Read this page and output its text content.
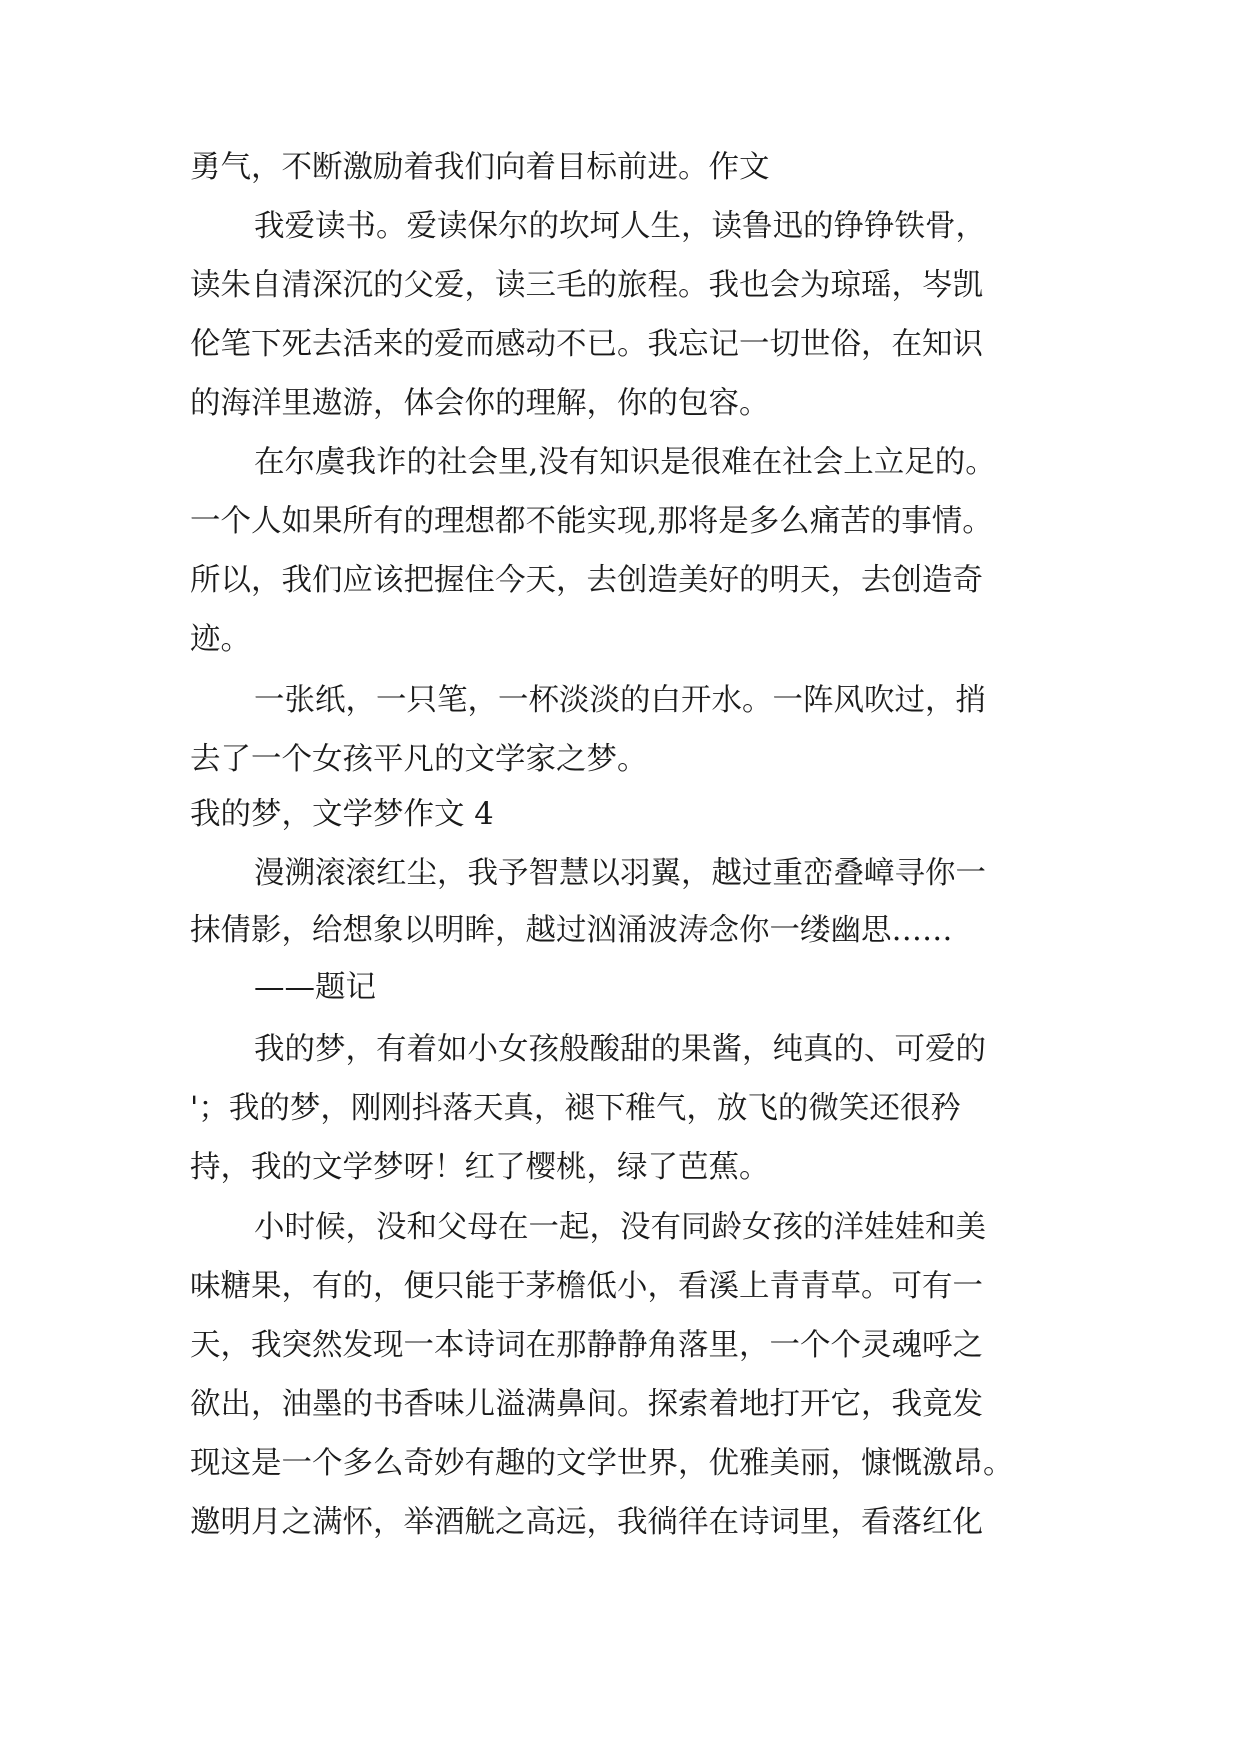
勇气，不断激励着我们向着目标前进。作文

我爱读书。爱读保尔的坎坷人生，读鲁迅的铮铮铁骨，

读朱自清深沉的父爱，读三毛的旅程。我也会为琼瑶，岑凯

伦笔下死去活来的爱而感动不已。我忘记一切世俗，在知识

的海洋里遨游，体会你的理解，你的包容。

在尔虞我诈的社会里,没有知识是很难在社会上立足的。

一个人如果所有的理想都不能实现,那将是多么痛苦的事情。

所以，我们应该把握住今天，去创造美好的明天，去创造奇

迹。

一张纸，一只笔，一杯淡淡的白开水。一阵风吹过，捎

去了一个女孩平凡的文学家之梦。

我的梦，文学梦作文 4

漫溯滚滚红尘，我予智慧以羽翼，越过重峦叠嶂寻你一

抹倩影，给想象以明眸，越过汹涌波涛念你一缕幽思……

——题记

我的梦，有着如小女孩般酸甜的果酱，纯真的、可爱的

'；我的梦，刚刚抖落天真，褪下稚气，放飞的微笑还很矜

持，我的文学梦呀！红了樱桃，绿了芭蕉。

小时候，没和父母在一起，没有同龄女孩的洋娃娃和美

味糖果，有的，便只能于茅檐低小，看溪上青青草。可有一

天，我突然发现一本诗词在那静静角落里，一个个灵魂呼之

欲出，油墨的书香味儿溢满鼻间。探索着地打开它，我竟发

现这是一个多么奇妙有趣的文学世界，优雅美丽，慷慨激昂。

邀明月之满怀，举酒觥之高远，我徜徉在诗词里，看落红化
